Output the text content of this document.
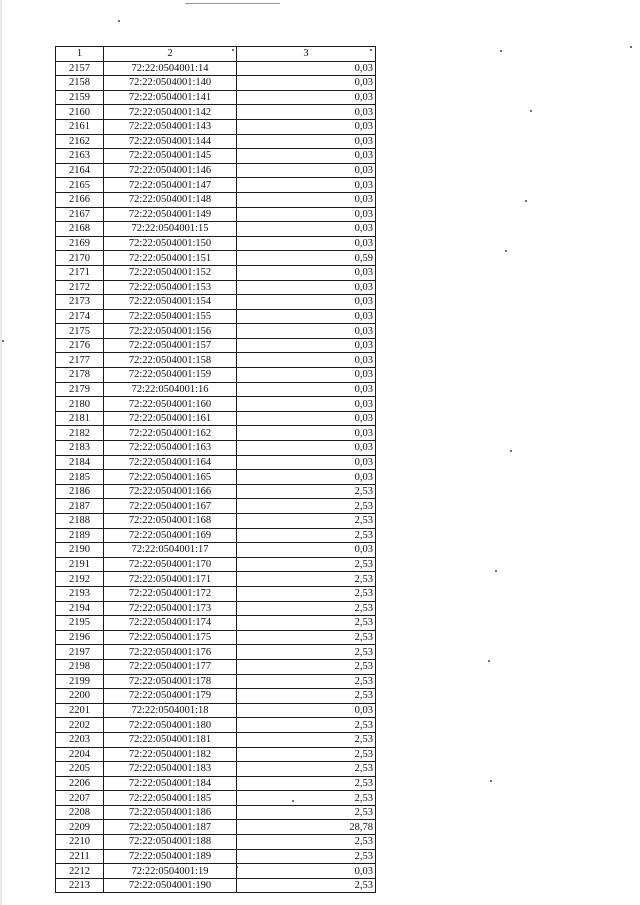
1	2	3
2157	72:22:0504001:14	0,03
2158	72:22:0504001:140	0,03
2159	72:22:0504001:141	0,03
2160	72:22:0504001:142	0,03
2161	72:22:0504001:143	0,03
2162	72:22:0504001:144	0,03
2163	72:22:0504001:145	0,03
2164	72:22:0504001:146	0,03
2165	72:22:0504001:147	0,03
2166	72:22:0504001:148	0,03
2167	72:22:0504001:149	0,03
2168	72:22:0504001:15	0,03
2169	72:22:0504001:150	0,03
2170	72:22:0504001:151	0,59
2171	72:22:0504001:152	0,03
2172	72:22:0504001:153	0,03
2173	72:22:0504001:154	0,03
2174	72:22:0504001:155	0,03
2175	72:22:0504001:156	0,03
2176	72:22:0504001:157	0,03
2177	72:22:0504001:158	0,03
2178	72:22:0504001:159	0,03
2179	72:22:0504001:16	0,03
2180	72:22:0504001:160	0,03
2181	72:22:0504001:161	0,03
2182	72:22:0504001:162	0,03
2183	72:22:0504001:163	0,03
2184	72:22:0504001:164	0,03
2185	72:22:0504001:165	0,03
2186	72:22:0504001:166	2,53
2187	72:22:0504001:167	2,53
2188	72:22:0504001:168	2,53
2189	72:22:0504001:169	2,53
2190	72:22:0504001:17	0,03
2191	72:22:0504001:170	2,53
2192	72:22:0504001:171	2,53
2193	72:22:0504001:172	2,53
2194	72:22:0504001:173	2,53
2195	72:22:0504001:174	2,53
2196	72:22:0504001:175	2,53
2197	72:22:0504001:176	2,53
2198	72:22:0504001:177	2,53
2199	72:22:0504001:178	2,53
2200	72:22:0504001:179	2,53
2201	72:22:0504001:18	0,03
2202	72:22:0504001:180	2,53
2203	72:22:0504001:181	2,53
2204	72:22:0504001:182	2,53
2205	72:22:0504001:183	2,53
2206	72:22:0504001:184	2,53
2207	72:22:0504001:185	2,53
2208	72:22:0504001:186	2,53
2209	72:22:0504001:187	28,78
2210	72:22:0504001:188	2,53
2211	72:22:0504001:189	2,53
2212	72:22:0504001:19	0,03
2213	72:22:0504001:190	2,53
